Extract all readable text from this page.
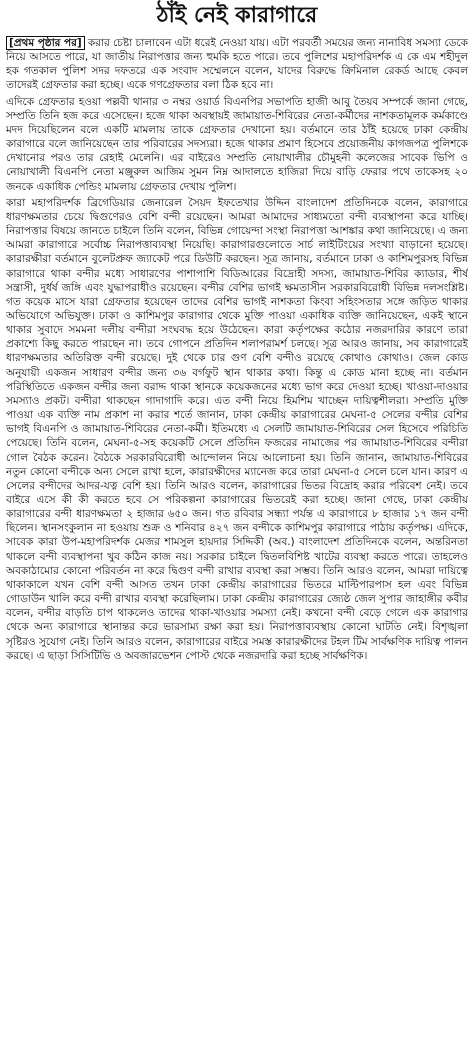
ঠাঁই নেই কারাগারে

[প্রথম পৃষ্ঠার পর] করার চেষ্টা চালাবেন এটা ধরেই নেওয়া যায়। এটা পরবর্তী সময়ের জন্য নানাবিধ সমস্যা ডেকে নিয়ে আসতে পারে, যা জাতীয় নিরাপত্তার জন্য হুমকি হতে পারে। তবে পুলিশের মহাপরিদর্শক এ কে এম শহীদুল হক গতকাল পুলিশ সদর দফতরে এক সংবাদ সম্মেলনে বলেন, যাদের বিরুদ্ধে ক্রিমিনাল রেকর্ড আছে কেবল তাদেরই গ্রেফতার করা হচ্ছে। একে গণগ্রেফতার বলা ঠিক হবে না।

এদিকে গ্রেফতার হওয়া পল্লবী থানার ৩ নম্বর ওয়ার্ড বিএনপির সভাপতি হাজী আবু তৈয়ব সম্পর্কে জানা গেছে, সম্প্রতি তিনি হজ করে এসেছেন। হজে থাকা অবস্থায়ই জামায়াত-শিবিরের নেতা-কর্মীদের নাশকতামূলক কর্মকাণ্ডে মদদ দিয়েছিলেন বলে একটি মামলায় তাকে গ্রেফতার দেখানো হয়। বর্তমানে তার ঠাঁই হয়েছে ঢাকা কেন্দ্রীয় কারাগারে বলে জানিয়েছেন তার পরিবারের সদস্যরা। হজে থাকার প্রমাণ হিসেবে প্রয়োজনীয় কাগজপত্র পুলিশকে দেখানোর পরও তার রেহাই মেলেনি। এর বাইরেও সম্প্রতি নোয়াখালীর চৌমুহনী কলেজের সাবেক ভিপি ও নোয়াখালী বিএনপি নেতা মঞ্জুরুল আজিম সুমন নিম্ন আদালতে হাজিরা দিয়ে বাড়ি ফেরার পথে তাকেসহ ২০ জনকে একাধিক পেন্ডিং মামলায় গ্রেফতার দেখায় পুলিশ।

কারা মহাপরিদর্শক ব্রিগেডিয়ার জেনারেল সৈয়দ ইফতেখার উদ্দিন বাংলাদেশ প্রতিদিনকে বলেন, কারাগারে ধারণক্ষমতার চেয়ে দ্বিগুণেরও বেশি বন্দী রয়েছেন। আমরা আমাদের সাধ্যমতো বন্দী ব্যবস্থাপনা করে যাচ্ছি। নিরাপত্তার বিষয়ে জানতে চাইলে তিনি বলেন, বিভিন্ন গোয়েন্দা সংস্থা নিরাপত্তা আশঙ্কার কথা জানিয়েছে। এ জন্য আমরা কারাগারে সর্বোচ্চ নিরাপত্তাব্যবস্থা নিয়েছি। কারাগারগুলোতে সার্চ লাইটিংয়ের সংখ্যা বাড়ানো হয়েছে। কারারক্ষীরা বর্তমানে বুলেটপ্রুফ জ্যাকেট পরে ডিউটি করছেন। সূত্র জানায়, বর্তমানে ঢাকা ও কাশিমপুরসহ বিভিন্ন কারাগারে থাকা বন্দীর মধ্যে সাধারণের পাশাপাশি বিডিআরের বিদ্রোহী সদস্য, জামায়াত-শিবির ক্যাডার, শীর্ষ সন্ত্রাসী, দুর্ধর্ষ জঙ্গি এবং যুদ্ধাপরাধীও রয়েছেন। বন্দীর বেশির ভাগই ক্ষমতাসীন সরকারবিরোধী বিভিন্ন দলসংশ্লিষ্ট। গত কয়েক মাসে যারা গ্রেফতার হয়েছেন তাদের বেশির ভাগই নাশকতা কিংবা সহিংসতার সঙ্গে জড়িত থাকার অভিযোগে অভিযুক্ত। ঢাকা ও কাশিমপুর কারাগার থেকে মুক্তি পাওয়া একাধিক ব্যক্তি জানিয়েছেন, একই স্থানে থাকার সুবাদে সমমনা দলীয় বন্দীরা সংঘবদ্ধ হয়ে উঠেছেন। কারা কর্তৃপক্ষের কঠোর নজরদারির কারণে তারা প্রকাশ্যে কিছু করতে পারছেন না। তবে গোপনে প্রতিদিন শলাপরামর্শ চলছে। সূত্র আরও জানায়, সব কারাগারেই ধারণক্ষমতার অতিরিক্ত বন্দী রয়েছে। দুই থেকে চার গুণ বেশি বন্দীও রয়েছে কোথাও কোথাও। জেল কোড অনুযায়ী একজন সাধারণ বন্দীর জন্য ৩৬ বর্গফুট স্থান থাকার কথা। কিন্তু এ কোড মানা হচ্ছে না। বর্তমান পরিস্থিতিতে একজন বন্দীর জন্য বরাদ্দ থাকা স্থানকে কয়েকজনের মধ্যে ভাগ করে দেওয়া হচ্ছে। খাওয়া-দাওয়ার সমস্যাও প্রকট। বন্দীরা থাকছেন গাদাগাদি করে। এত বন্দী নিয়ে হিমশিম খাচ্ছেন দায়িত্বশীলরা। সম্প্রতি মুক্তি পাওয়া এক ব্যক্তি নাম প্রকাশ না করার শর্তে জানান, ঢাকা কেন্দ্রীয় কারাগারের মেঘনা-৫ সেলের বন্দীর বেশির ভাগই বিএনপি ও জামায়াত-শিবিরের নেতা-কর্মী। ইতিমধ্যে এ সেলটি জামায়াত-শিবিরের সেল হিসেবে পরিচিতি পেয়েছে। তিনি বলেন, মেঘনা-৫-সহ কয়েকটি সেলে প্রতিদিন ফজরের নামাজের পর জামায়াত-শিবিরের বন্দীরা গোল বৈঠক করেন। বৈঠকে সরকারবিরোধী আন্দোলন নিয়ে আলোচনা হয়। তিনি জানান, জামায়াত-শিবিরের নতুন কোনো বন্দীকে অন্য সেলে রাখা হলে, কারারক্ষীদের ম্যানেজ করে তারা মেঘনা-৫ সেলে চলে যান। কারণ এ সেলের বন্দীদের আদর-যত্ন বেশি হয়। তিনি আরও বলেন, কারাগারের ভিতর বিদ্রোহ করার পরিবেশ নেই। তবে বাইরে এসে কী কী করতে হবে সে পরিকল্পনা কারাগারের ভিতরেই করা হচ্ছে। জানা গেছে, ঢাকা কেন্দ্রীয় কারাগারের বন্দী ধারণক্ষমতা ২ হাজার ৬৫০ জন। গত রবিবার সন্ধ্যা পর্যন্ত এ কারাগারে ৮ হাজার ১৭ জন বন্দী ছিলেন। স্থানসংকুলান না হওয়ায় শুক্র ও শনিবার ৪২৭ জন বন্দীকে কাশিমপুর কারাগারে পাঠায় কর্তৃপক্ষ। এদিকে, সাবেক কারা উপ-মহাপরিদর্শক মেজর শামসুল হায়দার সিদ্দিকী (অব.) বাংলাদেশ প্রতিদিনকে বলেন, অন্তরিনতা থাকলে বন্দী ব্যবস্থাপনা খুব কঠিন কাজ নয়। সরকার চাইলে দ্বিতলবিশিষ্ট খাটের ব্যবস্থা করতে পারে। তাহলেও অবকাঠামোর কোনো পরিবর্তন না করে দ্বিগুণ বন্দী রাখার ব্যবস্থা করা সম্ভব। তিনি আরও বলেন, আমরা দায়িত্বে থাকাকালে যখন বেশি বন্দী আসত তখন ঢাকা কেন্দ্রীয় কারাগারের ভিতরে মাল্টিপারপাস হল এবং বিভিন্ন গোডাউন খালি করে বন্দী রাখার ব্যবস্থা করেছিলাম। ঢাকা কেন্দ্রীয় কারাগারের জ্যেষ্ঠ জেল সুপার জাহাঙ্গীর কবীর বলেন, বন্দীর বাড়তি চাপ থাকলেও তাদের থাকা-খাওয়ার সমস্যা নেই। কখনো বন্দী বেড়ে গেলে এক কারাগার থেকে অন্য কারাগারে স্থানান্তর করে ভারসাম্য রক্ষা করা হয়। নিরাপত্তাব্যবস্থায় কোনো ঘাটতি নেই। বিশৃঙ্খলা সৃষ্টিরও সুযোগ নেই। তিনি আরও বলেন, কারাগারের বাইরে সমস্ত কারারক্ষীদের টহল টিম সার্বক্ষণিক দায়িত্ব পালন করছে। এ ছাড়া সিসিটিভি ও অবজারভেশন পোস্ট থেকে নজরদারি করা হচ্ছে সার্বক্ষণিক।
